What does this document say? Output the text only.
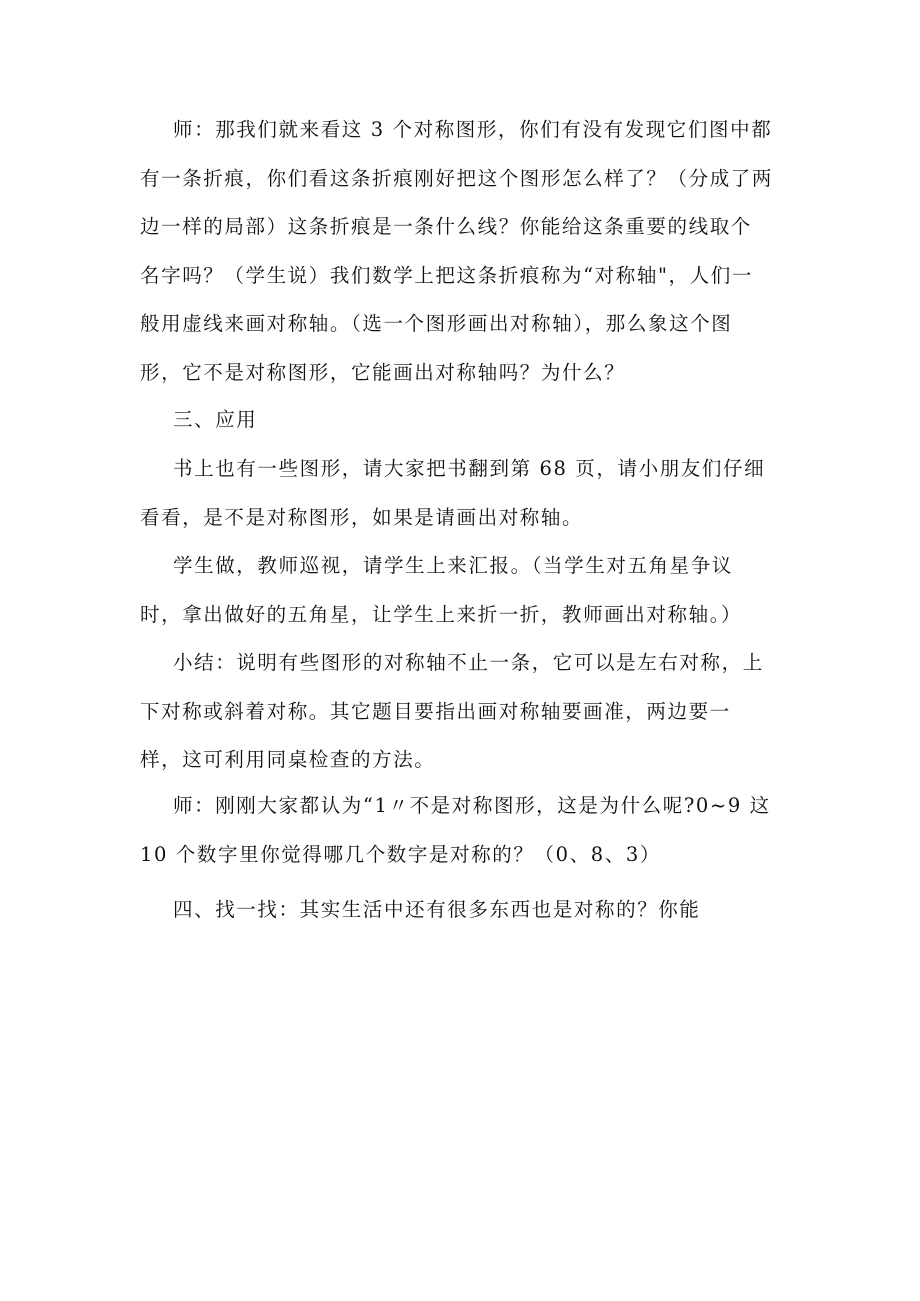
师：那我们就来看这 3 个对称图形，你们有没有发现它们图中都
有一条折痕，你们看这条折痕刚好把这个图形怎么样了？（分成了两
边一样的局部）这条折痕是一条什么线？你能给这条重要的线取个
名字吗？（学生说）我们数学上把这条折痕称为“对称轴"，人们一
般用虚线来画对称轴。（选一个图形画出对称轴），那么象这个图
形，它不是对称图形，它能画出对称轴吗？为什么？

三、应用

书上也有一些图形，请大家把书翻到第 68 页，请小朋友们仔细
看看，是不是对称图形，如果是请画出对称轴。

学生做，教师巡视，请学生上来汇报。（当学生对五角星争议
时，拿出做好的五角星，让学生上来折一折，教师画出对称轴。）

小结：说明有些图形的对称轴不止一条，它可以是左右对称，上
下对称或斜着对称。其它题目要指出画对称轴要画准，两边要一
样，这可利用同桌检查的方法。

师：刚刚大家都认为“1〃不是对称图形，这是为什么呢?0~9 这
10 个数字里你觉得哪几个数字是对称的？（0、8、3）

四、找一找：其实生活中还有很多东西也是对称的？你能
